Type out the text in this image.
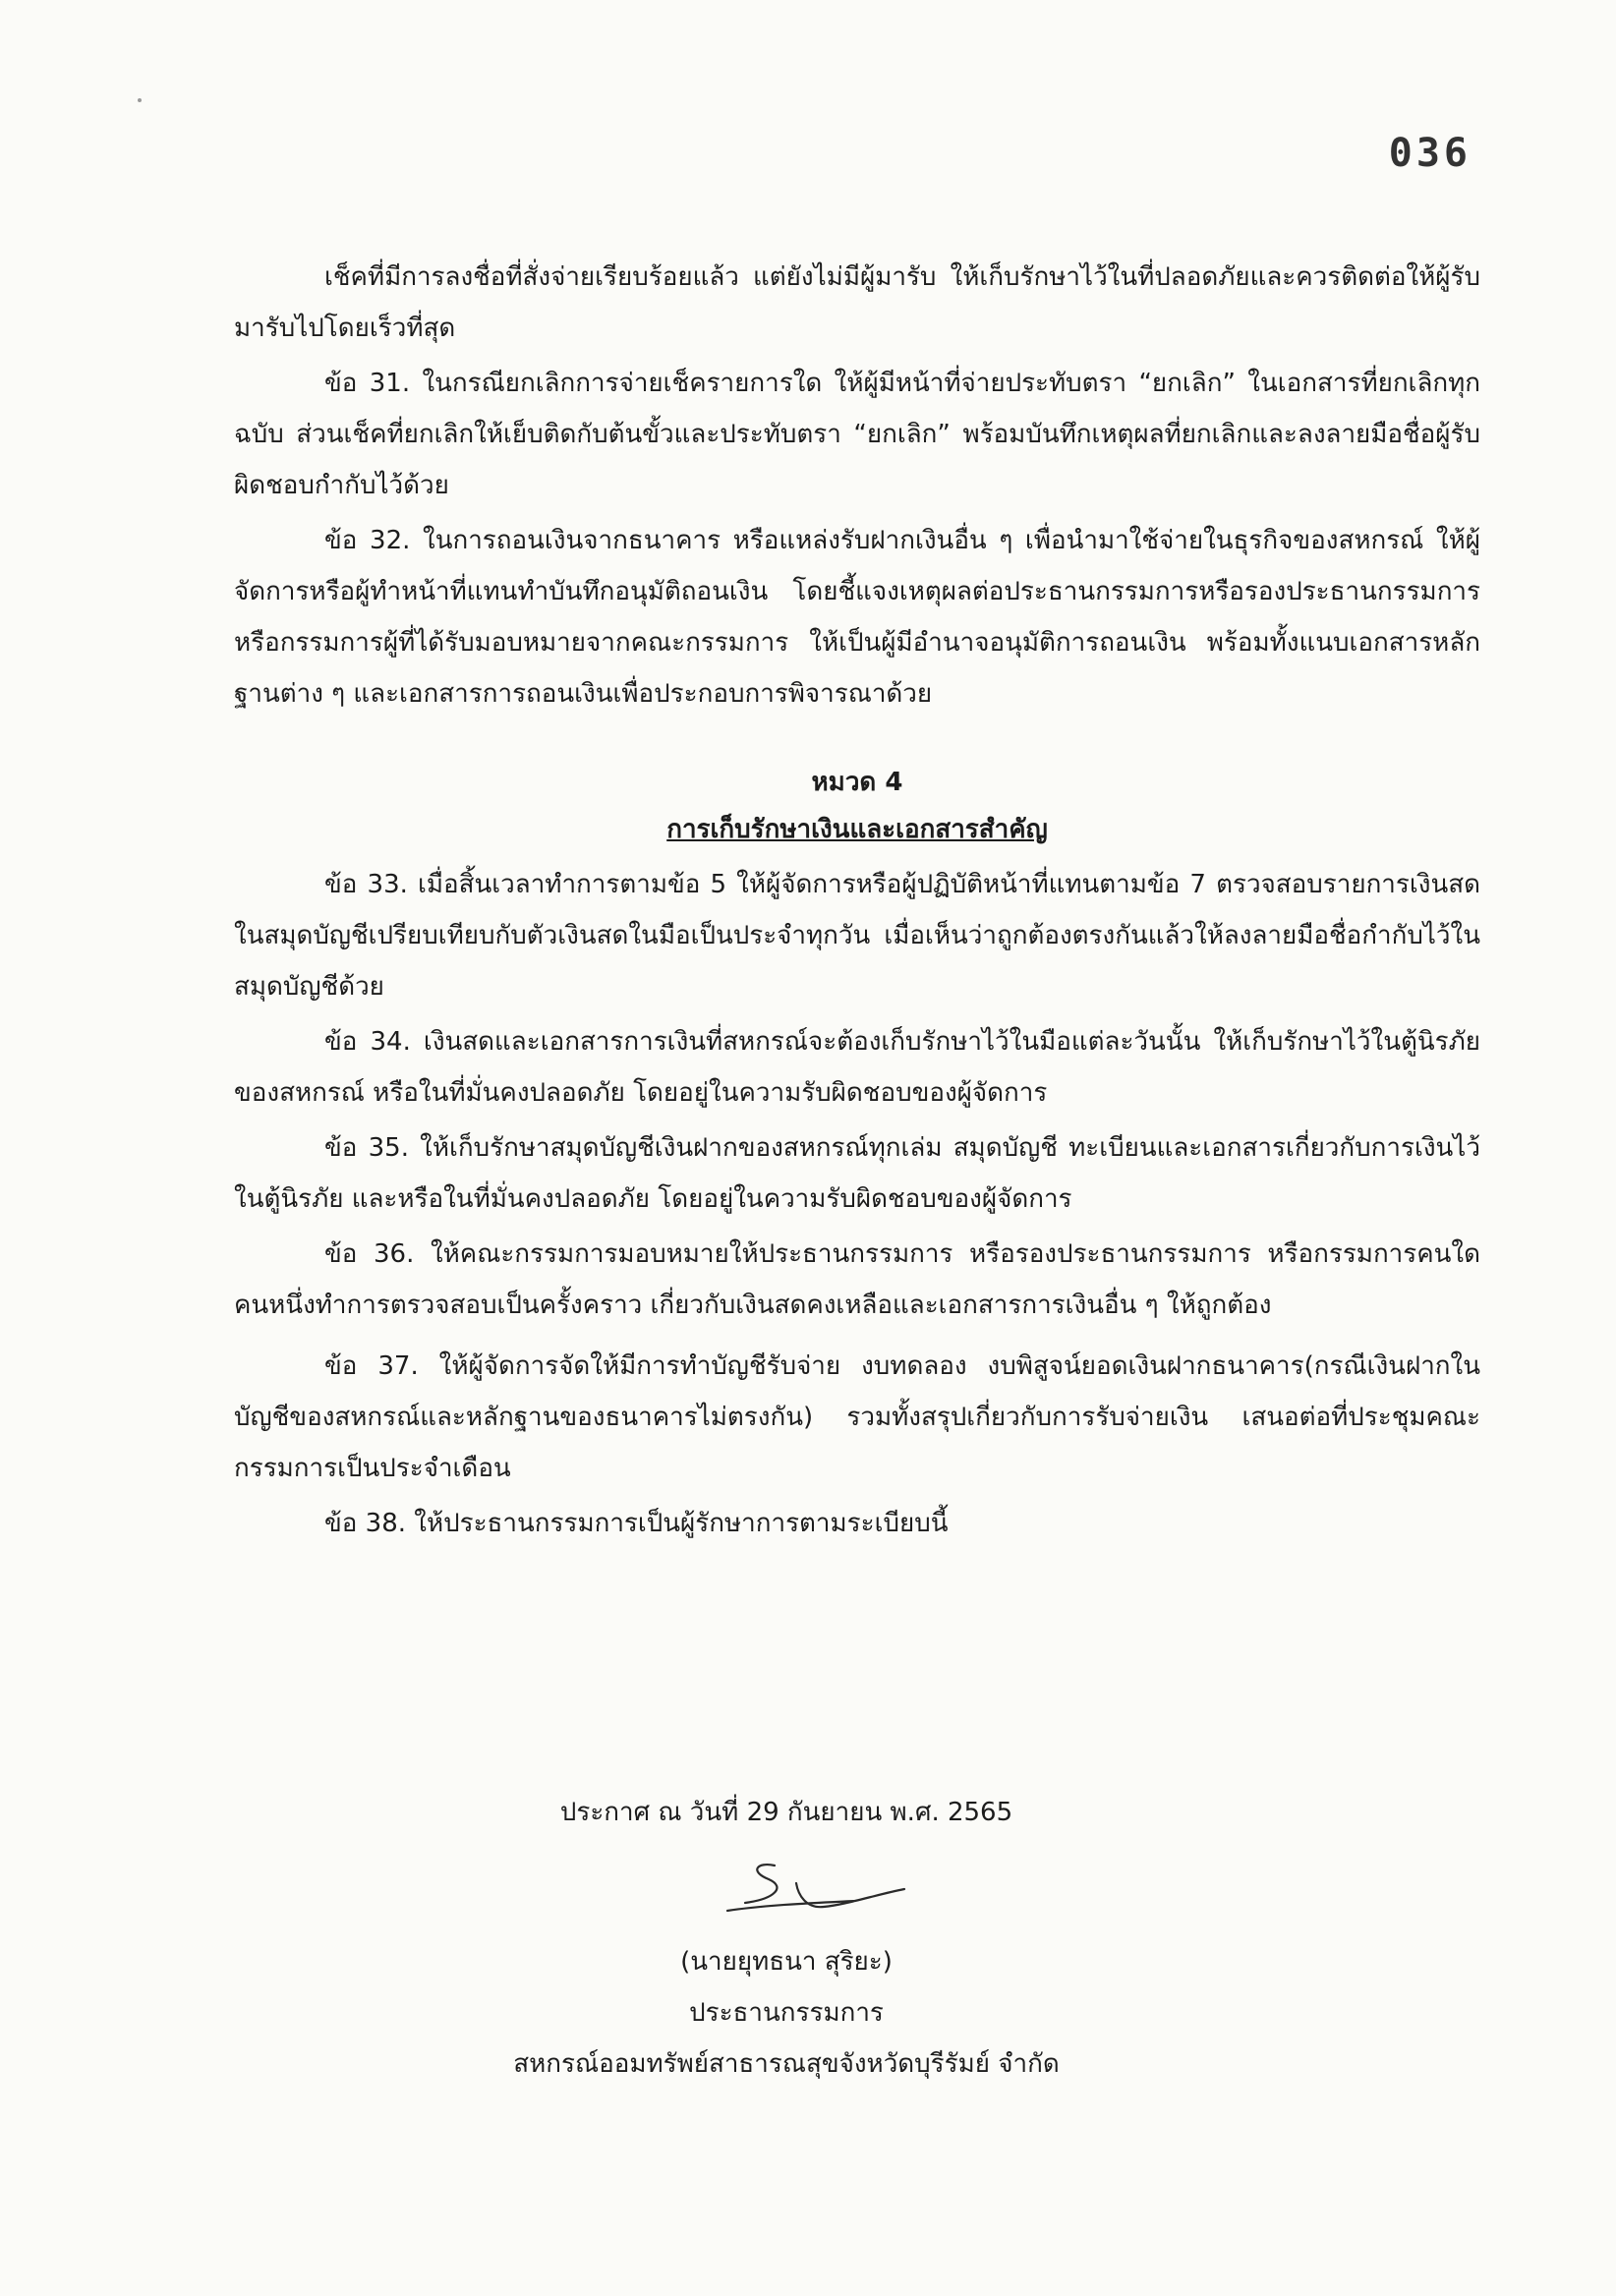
036

เช็คที่มีการลงชื่อที่สั่งจ่ายเรียบร้อยแล้ว แต่ยังไม่มีผู้มารับ ให้เก็บรักษาไว้ในที่ปลอดภัยและควรติดต่อให้ผู้รับมารับไปโดยเร็วที่สุด

ข้อ 31. ในกรณียกเลิกการจ่ายเช็ครายการใด ให้ผู้มีหน้าที่จ่ายประทับตรา “ยกเลิก” ในเอกสารที่ยกเลิกทุกฉบับ ส่วนเช็คที่ยกเลิกให้เย็บติดกับต้นขั้วและประทับตรา “ยกเลิก” พร้อมบันทึกเหตุผลที่ยกเลิกและลงลายมือชื่อผู้รับผิดชอบกำกับไว้ด้วย

ข้อ 32. ในการถอนเงินจากธนาคาร หรือแหล่งรับฝากเงินอื่น ๆ เพื่อนำมาใช้จ่ายในธุรกิจของสหกรณ์ ให้ผู้จัดการหรือผู้ทำหน้าที่แทนทำบันทึกอนุมัติถอนเงิน โดยชี้แจงเหตุผลต่อประธานกรรมการหรือรองประธานกรรมการ หรือกรรมการผู้ที่ได้รับมอบหมายจากคณะกรรมการ ให้เป็นผู้มีอำนาจอนุมัติการถอนเงิน พร้อมทั้งแนบเอกสารหลักฐานต่าง ๆ และเอกสารการถอนเงินเพื่อประกอบการพิจารณาด้วย

หมวด 4
การเก็บรักษาเงินและเอกสารสำคัญ

ข้อ 33. เมื่อสิ้นเวลาทำการตามข้อ 5 ให้ผู้จัดการหรือผู้ปฏิบัติหน้าที่แทนตามข้อ 7 ตรวจสอบรายการเงินสดในสมุดบัญชีเปรียบเทียบกับตัวเงินสดในมือเป็นประจำทุกวัน เมื่อเห็นว่าถูกต้องตรงกันแล้วให้ลงลายมือชื่อกำกับไว้ในสมุดบัญชีด้วย

ข้อ 34. เงินสดและเอกสารการเงินที่สหกรณ์จะต้องเก็บรักษาไว้ในมือแต่ละวันนั้น ให้เก็บรักษาไว้ในตู้นิรภัยของสหกรณ์ หรือในที่มั่นคงปลอดภัย โดยอยู่ในความรับผิดชอบของผู้จัดการ

ข้อ 35. ให้เก็บรักษาสมุดบัญชีเงินฝากของสหกรณ์ทุกเล่ม สมุดบัญชี ทะเบียนและเอกสารเกี่ยวกับการเงินไว้ในตู้นิรภัย และหรือในที่มั่นคงปลอดภัย โดยอยู่ในความรับผิดชอบของผู้จัดการ

ข้อ 36. ให้คณะกรรมการมอบหมายให้ประธานกรรมการ หรือรองประธานกรรมการ หรือกรรมการคนใดคนหนึ่งทำการตรวจสอบเป็นครั้งคราว เกี่ยวกับเงินสดคงเหลือและเอกสารการเงินอื่น ๆ ให้ถูกต้อง

ข้อ 37. ให้ผู้จัดการจัดให้มีการทำบัญชีรับจ่าย งบทดลอง งบพิสูจน์ยอดเงินฝากธนาคาร(กรณีเงินฝากในบัญชีของสหกรณ์และหลักฐานของธนาคารไม่ตรงกัน) รวมทั้งสรุปเกี่ยวกับการรับจ่ายเงิน เสนอต่อที่ประชุมคณะกรรมการเป็นประจำเดือน

ข้อ 38. ให้ประธานกรรมการเป็นผู้รักษาการตามระเบียบนี้

ประกาศ ณ วันที่ 29 กันยายน พ.ศ. 2565
(นายยุทธนา สุริยะ)
ประธานกรรมการ
สหกรณ์ออมทรัพย์สาธารณสุขจังหวัดบุรีรัมย์ จำกัด
